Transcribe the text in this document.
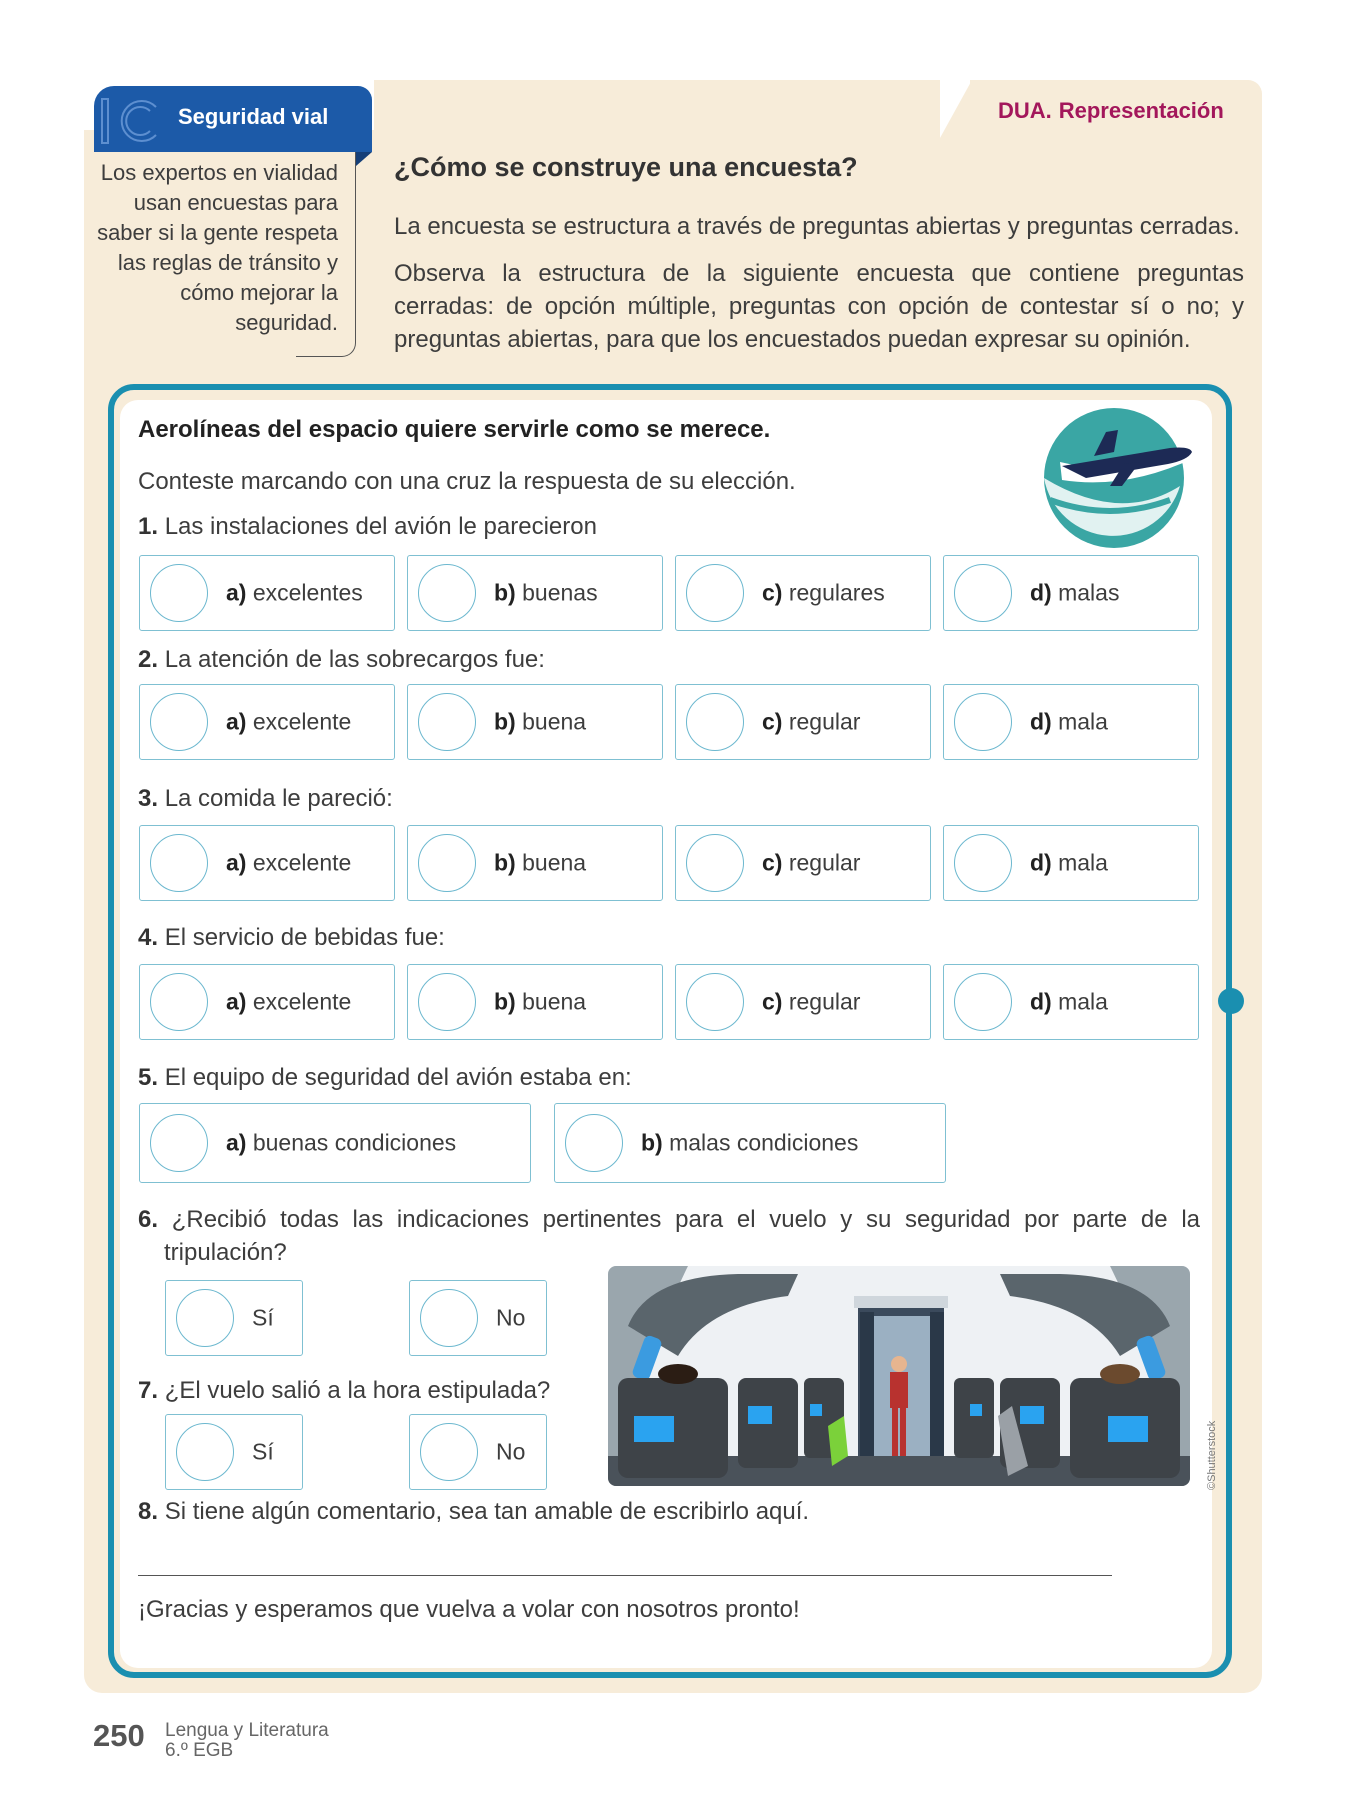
DUA. Representación
Seguridad vial
Los expertos en vialidad usan encuestas para saber si la gente respeta las reglas de tránsito y cómo mejorar la seguridad.
¿Cómo se construye una encuesta?
La encuesta se estructura a través de preguntas abiertas y preguntas cerradas.
Observa la estructura de la siguiente encuesta que contiene preguntas cerradas: de opción múltiple, preguntas con opción de contestar sí o no; y preguntas abiertas, para que los encuestados puedan expresar su opinión.
Aerolíneas del espacio quiere servirle como se merece.
Conteste marcando con una cruz la respuesta de su elección.
1. Las instalaciones del avión le parecieron
a) excelentes	b) buenas	c) regulares	d) malas
2. La atención de las sobrecargos fue:
a) excelente	b) buena	c) regular	d) mala
3. La comida le pareció:
a) excelente	b) buena	c) regular	d) mala
4. El servicio de bebidas fue:
a) excelente	b) buena	c) regular	d) mala
5. El equipo de seguridad del avión estaba en:
a) buenas condiciones	b) malas condiciones
6. ¿Recibió todas las indicaciones pertinentes para el vuelo y su seguridad por parte de la tripulación?
Sí	No
7. ¿El vuelo salió a la hora estipulada?
Sí	No	©Shutterstock
8. Si tiene algún comentario, sea tan amable de escribirlo aquí.
¡Gracias y esperamos que vuelva a volar con nosotros pronto!
250 Lengua y Literatura
6.º EGB
